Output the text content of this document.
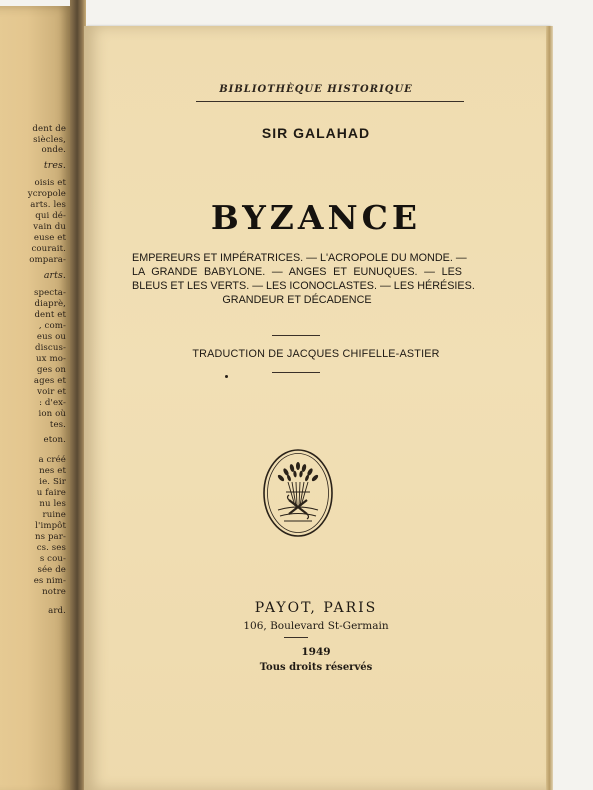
dent de
siècles,
onde.
tres.
oisis et
ycropole
arts. les
qui dé-
vain du
euse et
courait.
ompara-
arts.
specta-
diaprè,
dent et
, com-
eus ou
discus-
ux mo-
ges on
ages et
voir et
: d'ex-
ion où
tes.
eton.
a créé
nes et
ie. Sir
u faire
nu les
ruine
l'impôt
ns par-
cs. ses
s cou-
sée de
es nim-
notre
ard.
BIBLIOTHÈQUE HISTORIQUE
SIR GALAHAD
BYZANCE
EMPEREURS ET IMPÉRATRICES. — L'ACROPOLE DU MONDE. —
LA GRANDE BABYLONE. — ANGES ET EUNUQUES. — LES
BLEUS ET LES VERTS. — LES ICONOCLASTES. — LES HÉRÉSIES.
GRANDEUR ET DÉCADENCE
TRADUCTION DE JACQUES CHIFELLE-ASTIER
PAYOT, PARIS
106, Boulevard St-Germain
1949
Tous droits réservés
